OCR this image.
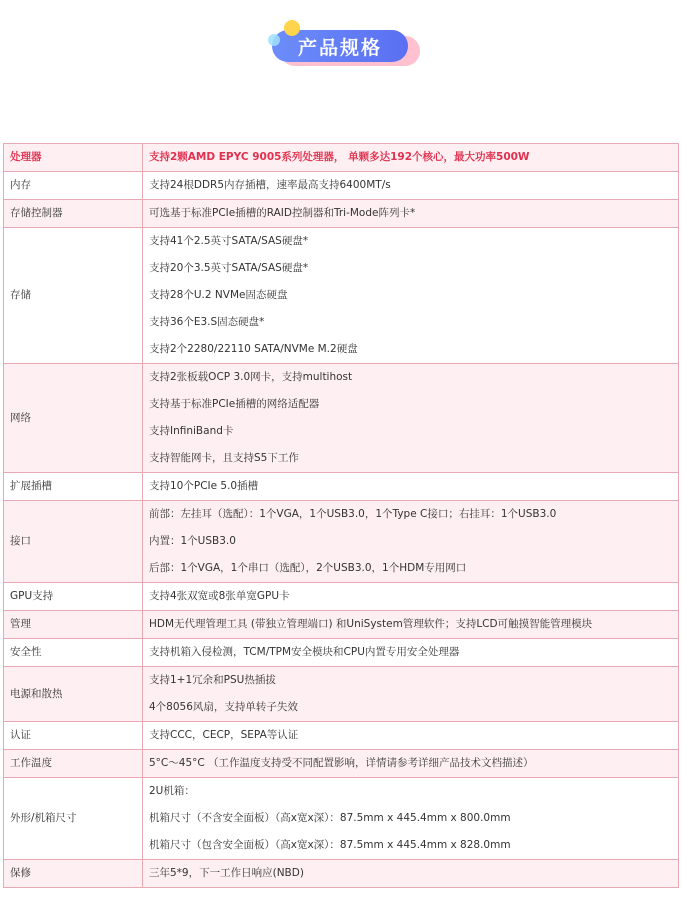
产品规格
处理器	支持2颗AMD EPYC 9005系列处理器， 单颗多达192个核心，最大功率500W

内存	支持24根DDR5内存插槽，速率最高支持6400MT/s

存储控制器	可选基于标准PCIe插槽的RAID控制器和Tri-Mode阵列卡*

存储	支持41个2.5英寸SATA/SAS硬盘*
支持20个3.5英寸SATA/SAS硬盘*
支持28个U.2 NVMe固态硬盘
支持36个E3.S固态硬盘*
支持2个2280/22110 SATA/NVMe M.2硬盘

网络	支持2张板载OCP 3.0网卡，支持multihost
支持基于标准PCIe插槽的网络适配器
支持InfiniBand卡
支持智能网卡，且支持S5下工作

扩展插槽	支持10个PCIe 5.0插槽

接口	前部：左挂耳（选配）：1个VGA，1个USB3.0，1个Type C接口；右挂耳：1个USB3.0
内置：1个USB3.0
后部：1个VGA，1个串口（选配），2个USB3.0，1个HDM专用网口

GPU支持	支持4张双宽或8张单宽GPU卡

管理	HDM无代理管理工具 (带独立管理端口) 和UniSystem管理软件；支持LCD可触摸智能管理模块

安全性	支持机箱入侵检测，TCM/TPM安全模块和CPU内置专用安全处理器

电源和散热	支持1+1冗余和PSU热插拔
4个8056风扇，支持单转子失效

认证	支持CCC，CECP，SEPA等认证

工作温度	5°C～45°C （工作温度支持受不同配置影响，详情请参考详细产品技术文档描述）

外形/机箱尺寸	2U机箱：
机箱尺寸（不含安全面板）（高x宽x深）：87.5mm x 445.4mm x 800.0mm
机箱尺寸（包含安全面板）（高x宽x深）：87.5mm x 445.4mm x 828.0mm

保修	三年5*9，下一工作日响应(NBD)
